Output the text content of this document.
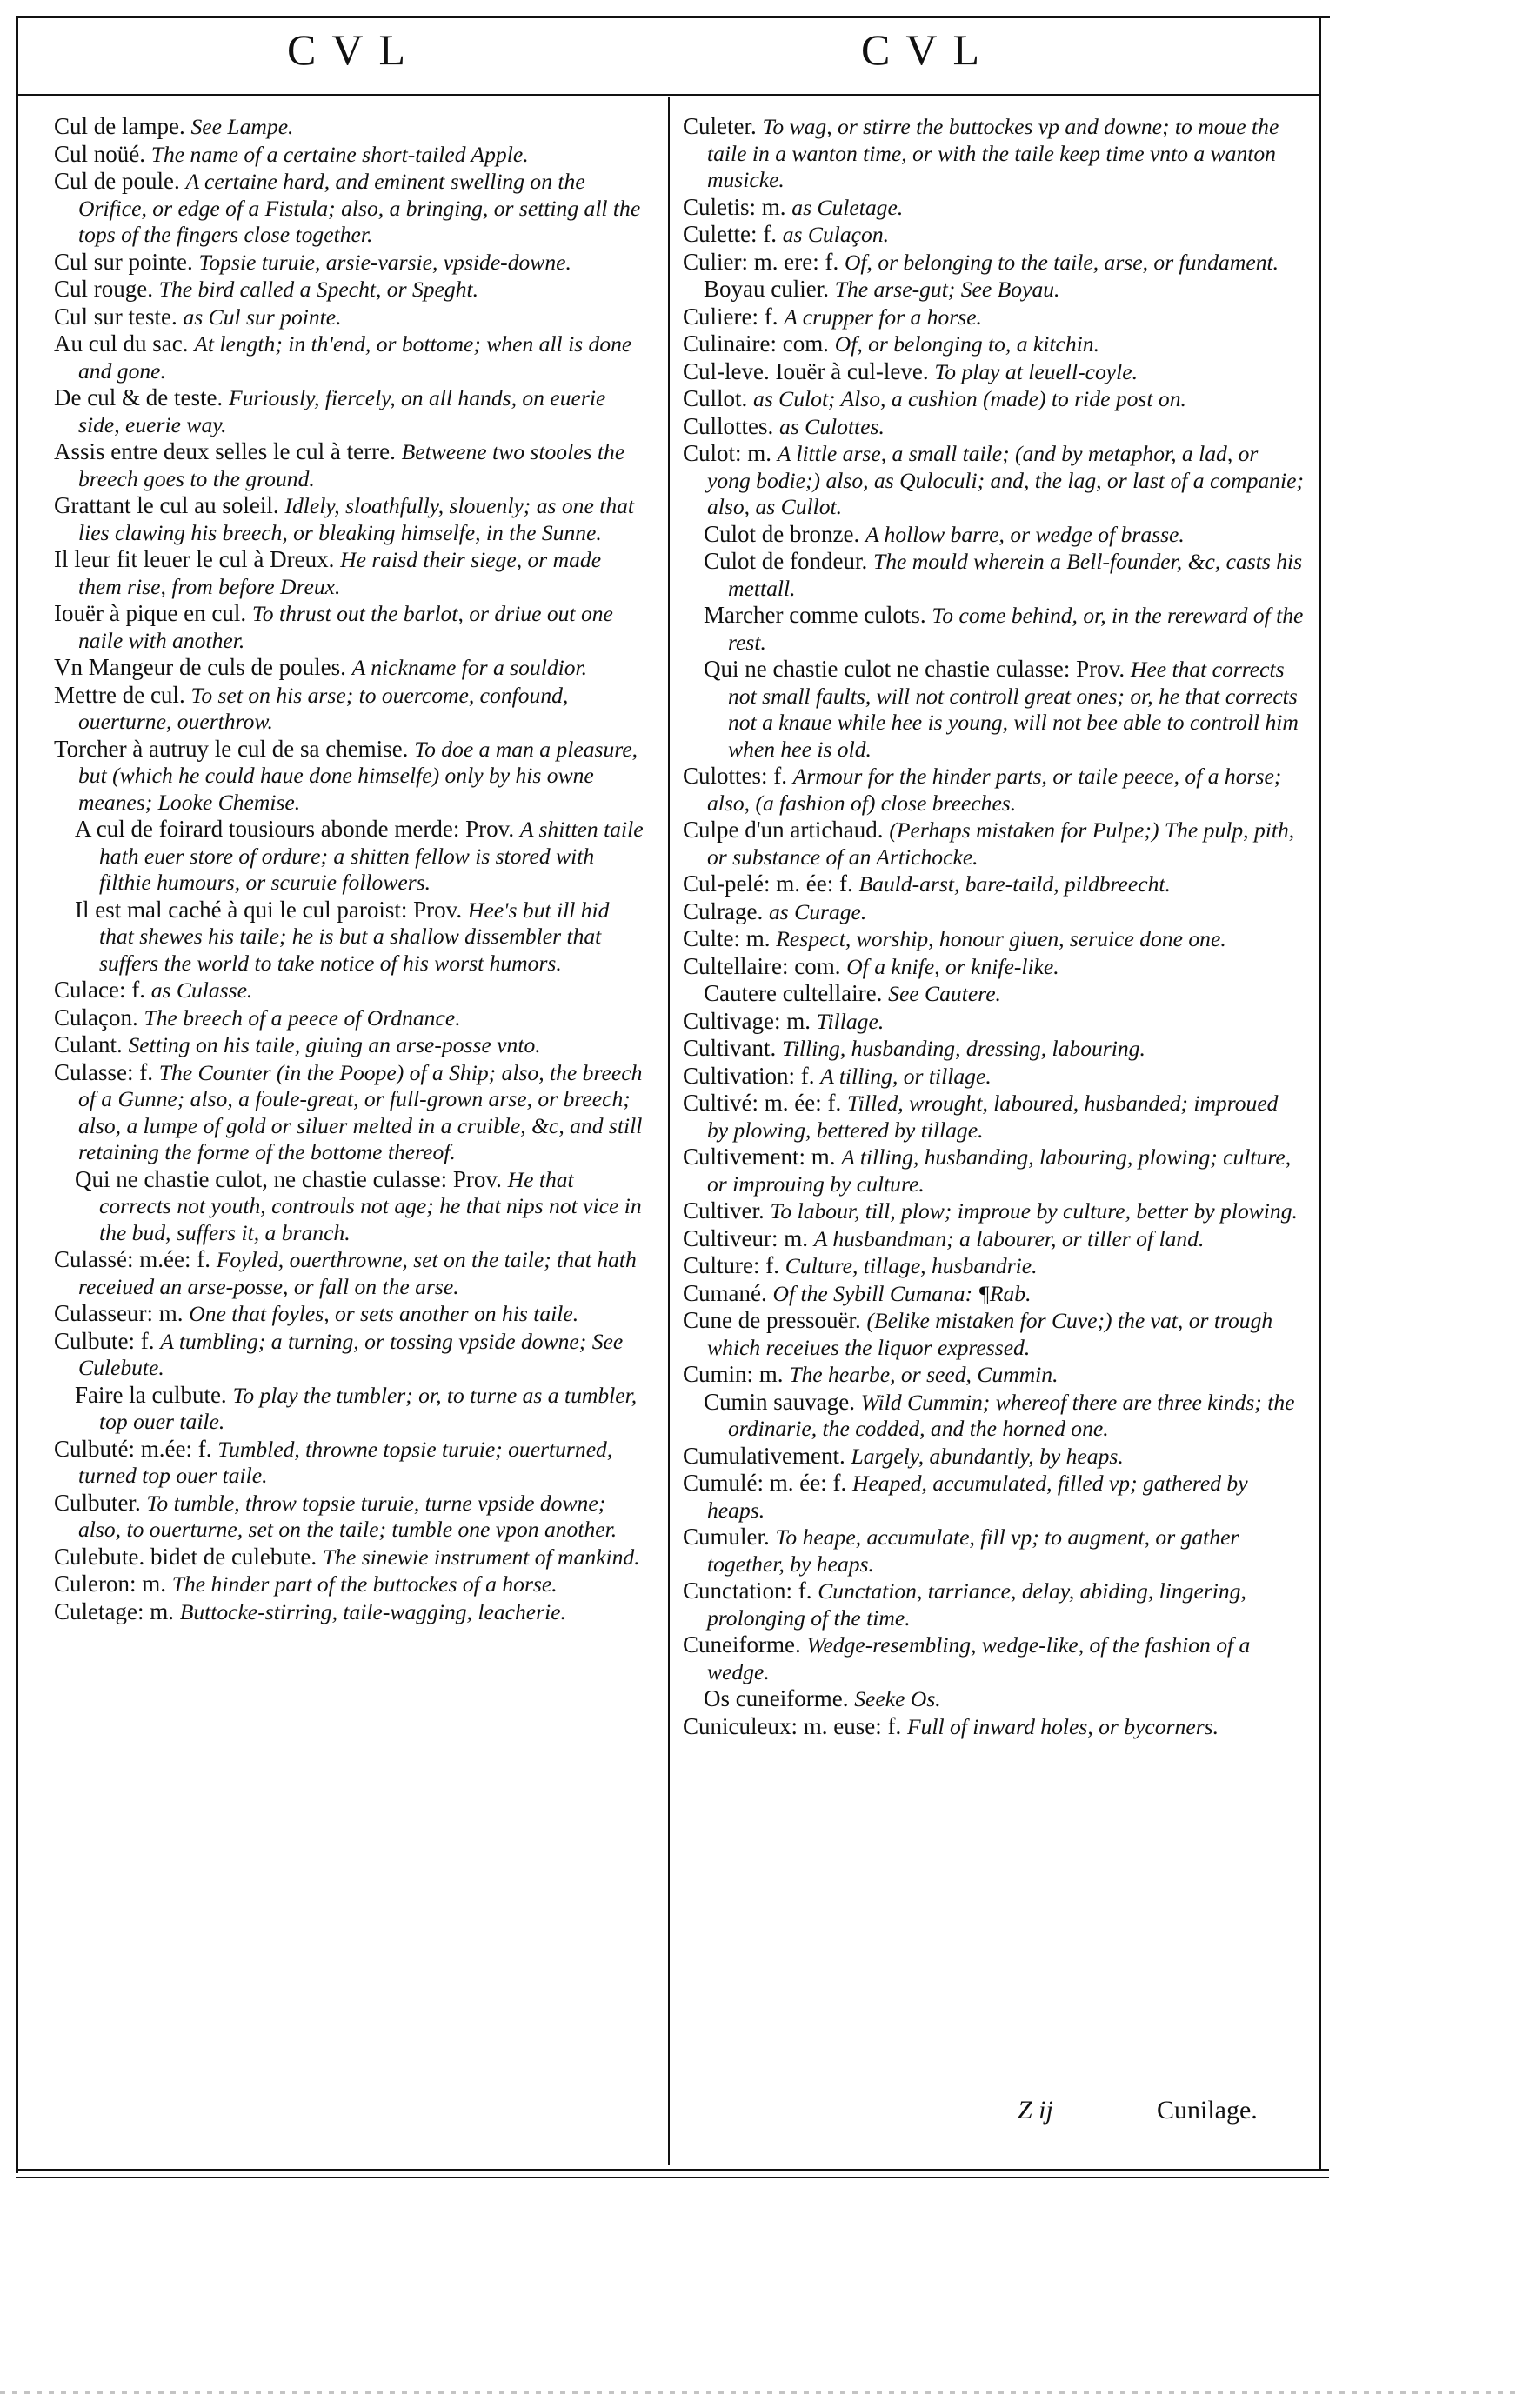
CVL	CVL

Cul de lampe. See Lampe.

Cul noüé. The name of a certaine short-tailed Apple.

Cul de poule. A certaine hard, and eminent swelling on the Orifice, or edge of a Fistula; also, a bringing, or setting all the tops of the fingers close together.

Cul sur pointe. Topsie turuie, arsie-varsie, vpside-downe.

Cul rouge. The bird called a Specht, or Speght.

Cul sur teste. as Cul sur pointe.

Au cul du sac. At length; in th'end, or bottome; when all is done and gone.

De cul & de teste. Furiously, fiercely, on all hands, on euerie side, euerie way.

Assis entre deux selles le cul à terre. Betweene two stooles the breech goes to the ground.

Grattant le cul au soleil. Idlely, sloathfully, slouenly; as one that lies clawing his breech, or bleaking himselfe, in the Sunne.

Il leur fit leuer le cul à Dreux. He raisd their siege, or made them rise, from before Dreux.

Iouër à pique en cul. To thrust out the barlot, or driue out one naile with another.

Vn Mangeur de culs de poules. A nickname for a souldior.

Mettre de cul. To set on his arse; to ouercome, confound, ouerturne, ouerthrow.

Torcher à autruy le cul de sa chemise. To doe a man a pleasure, but (which he could haue done himselfe) only by his owne meanes; Looke Chemise.

A cul de foirard tousiours abonde merde: Prov. A shitten taile hath euer store of ordure; a shitten fellow is stored with filthie humours, or scuruie followers.

Il est mal caché à qui le cul paroist: Prov. Hee's but ill hid that shewes his taile; he is but a shallow dissembler that suffers the world to take notice of his worst humors.

Culace: f. as Culasse.

Culaçon. The breech of a peece of Ordnance.

Culant. Setting on his taile, giuing an arse-posse vnto.

Culasse: f. The Counter (in the Poope) of a Ship; also, the breech of a Gunne; also, a foule-great, or full-grown arse, or breech; also, a lumpe of gold or siluer melted in a cruible, &c, and still retaining the forme of the bottome thereof.

Qui ne chastie culot, ne chastie culasse: Prov. He that corrects not youth, controuls not age; he that nips not vice in the bud, suffers it, a branch.

Culassé: m.ée: f. Foyled, ouerthrowne, set on the taile; that hath receiued an arse-posse, or fall on the arse.

Culasseur: m. One that foyles, or sets another on his taile.

Culbute: f. A tumbling; a turning, or tossing vpside downe; See Culebute.

Faire la culbute. To play the tumbler; or, to turne as a tumbler, top ouer taile.

Culbuté: m.ée: f. Tumbled, throwne topsie turuie; ouerturned, turned top ouer taile.

Culbuter. To tumble, throw topsie turuie, turne vpside downe; also, to ouerturne, set on the taile; tumble one vpon another.

Culebute. bidet de culebute. The sinewie instrument of mankind.

Culeron: m. The hinder part of the buttockes of a horse.

Culetage: m. Buttocke-stirring, taile-wagging, leacherie.

Culeter. To wag, or stirre the buttockes vp and downe; to moue the taile in a wanton time, or with the taile keep time vnto a wanton musicke.

Culetis: m. as Culetage.

Culette: f. as Culaçon.

Culier: m. ere: f. Of, or belonging to the taile, arse, or fundament.

Boyau culier. The arse-gut; See Boyau.

Culiere: f. A crupper for a horse.

Culinaire: com. Of, or belonging to, a kitchin.

Cul-leve. Iouër à cul-leve. To play at leuell-coyle.

Cullot. as Culot; Also, a cushion (made) to ride post on.

Cullottes. as Culottes.

Culot: m. A little arse, a small taile; (and by metaphor, a lad, or yong bodie;) also, as Quloculi; and, the lag, or last of a companie; also, as Cullot.

Culot de bronze. A hollow barre, or wedge of brasse.

Culot de fondeur. The mould wherein a Bell-founder, &c, casts his mettall.

Marcher comme culots. To come behind, or, in the rereward of the rest.

Qui ne chastie culot ne chastie culasse: Prov. Hee that corrects not small faults, will not controll great ones; or, he that corrects not a knaue while hee is young, will not bee able to controll him when hee is old.

Culottes: f. Armour for the hinder parts, or taile peece, of a horse; also, (a fashion of) close breeches.

Culpe d'un artichaud. (Perhaps mistaken for Pulpe;) The pulp, pith, or substance of an Artichocke.

Cul-pelé: m. ée: f. Bauld-arst, bare-taild, pildbreecht.

Culrage. as Curage.

Culte: m. Respect, worship, honour giuen, seruice done one.

Cultellaire: com. Of a knife, or knife-like.

Cautere cultellaire. See Cautere.

Cultivage: m. Tillage.

Cultivant. Tilling, husbanding, dressing, labouring.

Cultivation: f. A tilling, or tillage.

Cultivé: m. ée: f. Tilled, wrought, laboured, husbanded; improued by plowing, bettered by tillage.

Cultivement: m. A tilling, husbanding, labouring, plowing; culture, or improuing by culture.

Cultiver. To labour, till, plow; improue by culture, better by plowing.

Cultiveur: m. A husbandman; a labourer, or tiller of land.

Culture: f. Culture, tillage, husbandrie.

Cumané. Of the Sybill Cumana: ¶Rab.

Cune de pressouër. (Belike mistaken for Cuve;) the vat, or trough which receiues the liquor expressed.

Cumin: m. The hearbe, or seed, Cummin.

Cumin sauvage. Wild Cummin; whereof there are three kinds; the ordinarie, the codded, and the horned one.

Cumulativement. Largely, abundantly, by heaps.

Cumulé: m. ée: f. Heaped, accumulated, filled vp; gathered by heaps.

Cumuler. To heape, accumulate, fill vp; to augment, or gather together, by heaps.

Cunctation: f. Cunctation, tarriance, delay, abiding, lingering, prolonging of the time.

Cuneiforme. Wedge-resembling, wedge-like, of the fashion of a wedge.

Os cuneiforme. Seeke Os.

Cuniculeux: m. euse: f. Full of inward holes, or bycorners.

Z ij	Cunilage.
